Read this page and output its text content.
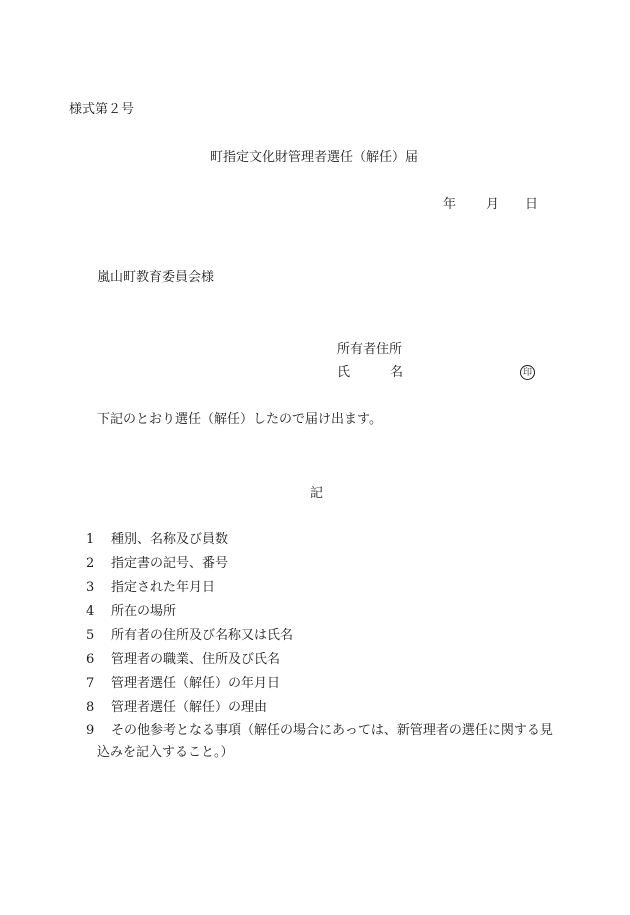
様式第２号
町指定文化財管理者選任（解任）届
年 月 日
嵐山町教育委員会様
所有者住所
氏	名	印
下記のとおり選任（解任）したので届け出ます。
記
1	種別、名称及び員数
2	指定書の記号、番号
3	指定された年月日
4	所在の場所
5	所有者の住所及び名称又は氏名
6	管理者の職業、住所及び氏名
7	管理者選任（解任）の年月日
8	管理者選任（解任）の理由
9	その他参考となる事項（解任の場合にあっては、新管理者の選任に関する見
込みを記入すること。）
